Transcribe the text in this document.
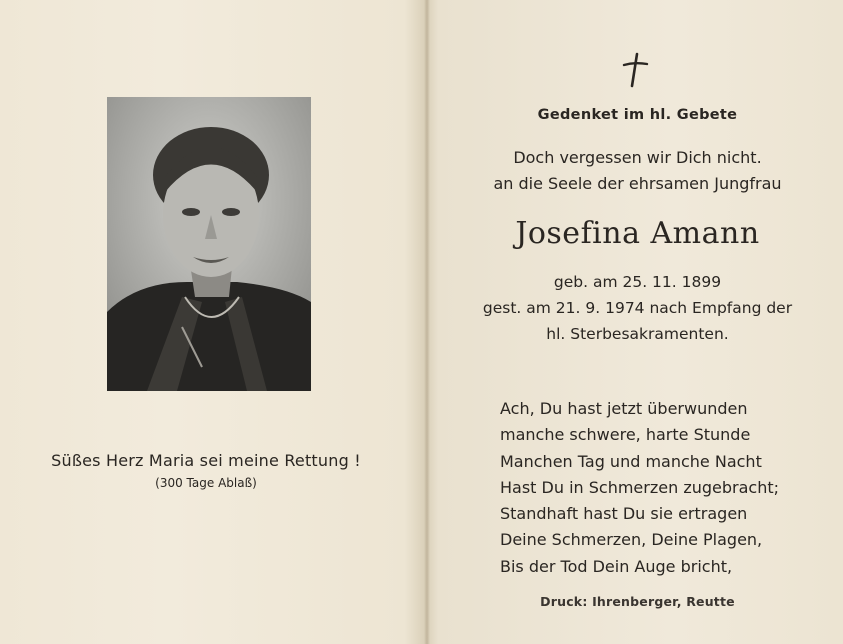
Süßes Herz Maria sei meine Rettung !
(300 Tage Ablaß)
Gedenket im hl. Gebete
Doch vergessen wir Dich nicht.
an die Seele der ehrsamen Jungfrau
Josefina Amann
geb. am 25. 11. 1899
gest. am 21. 9. 1974 nach Empfang der
hl. Sterbesakramenten.
Ach, Du hast jetzt überwunden
manche schwere, harte Stunde
Manchen Tag und manche Nacht
Hast Du in Schmerzen zugebracht;
Standhaft hast Du sie ertragen
Deine Schmerzen, Deine Plagen,
Bis der Tod Dein Auge bricht,
Druck: Ihrenberger, Reutte
